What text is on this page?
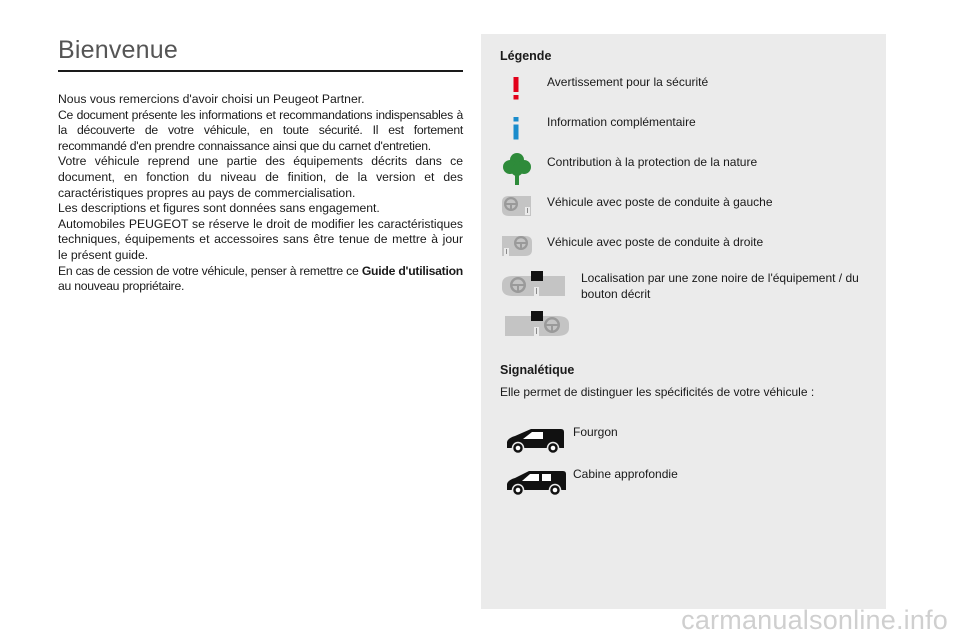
Bienvenue

Nous vous remercions d'avoir choisi un Peugeot Partner.

Ce document présente les informations et recommandations indispensables à la découverte de votre véhicule, en toute sécurité. Il est fortement recommandé d'en prendre connaissance ainsi que du carnet d'entretien.

Votre véhicule reprend une partie des équipements décrits dans ce document, en fonction du niveau de finition, de la version et des caractéristiques propres au pays de commercialisation.

Les descriptions et figures sont données sans engagement.

Automobiles PEUGEOT se réserve le droit de modifier les caractéristiques techniques, équipements et accessoires sans être tenue de mettre à jour le présent guide.

En cas de cession de votre véhicule, penser à remettre ce Guide d'utilisation au nouveau propriétaire.

Légende
Avertissement pour la sécurité
Information complémentaire
Contribution à la protection de la nature
Véhicule avec poste de conduite à gauche
Véhicule avec poste de conduite à droite
Localisation par une zone noire de l'équipement / du bouton décrit
Signalétique

Elle permet de distinguer les spécificités de votre véhicule :

Fourgon
Cabine approfondie
carmanualsonline.info
